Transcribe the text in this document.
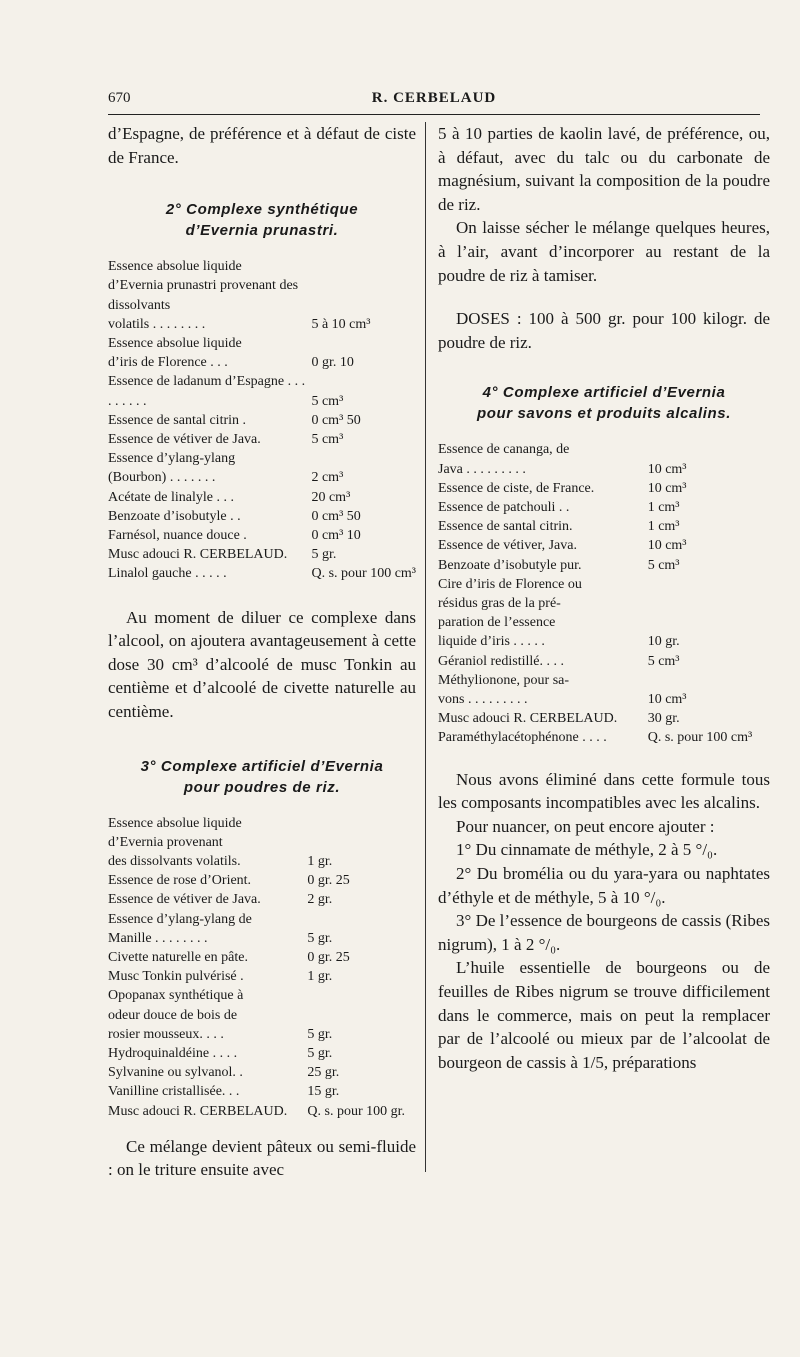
670	R. CERBELAUD

d’Espagne, de préférence et à défaut de ciste de France.

2° Complexe synthétique

d’Evernia prunastri.

Essence absolue liquide	
d’Evernia prunastri provenant des dissolvants	
volatils . . . . . . . .	5 à 10 cm³
Essence absolue liquide	
d’iris de Florence . . .	0 gr. 10
Essence de ladanum d’Espagne . . . . . . . . .	5 cm³
Essence de santal citrin .	0 cm³ 50
Essence de vétiver de Java.	5 cm³
Essence d’ylang-ylang	
(Bourbon) . . . . . . .	2 cm³
Acétate de linalyle . . .	20 cm³
Benzoate d’isobutyle . .	0 cm³ 50
Farnésol, nuance douce .	0 cm³ 10
Musc adouci R. CERBELAUD.	5 gr.
Linalol gauche . . . . .	Q. s. pour 100 cm³

Au moment de diluer ce complexe dans l’alcool, on ajoutera avantageusement à cette dose 30 cm³ d’alcoolé de musc Tonkin au centième et d’alcoolé de civette naturelle au centième.

3° Complexe artificiel d’Evernia

pour poudres de riz.

Essence absolue liquide	
d’Evernia provenant	
des dissolvants volatils.	1 gr.
Essence de rose d’Orient.	0 gr. 25
Essence de vétiver de Java.	2 gr.
Essence d’ylang-ylang de	
Manille . . . . . . . .	5 gr.
Civette naturelle en pâte.	0 gr. 25
Musc Tonkin pulvérisé .	1 gr.
Opopanax synthétique à	
odeur douce de bois de	
rosier mousseux. . . .	5 gr.
Hydroquinaldéine . . . .	5 gr.
Sylvanine ou sylvanol. .	25 gr.
Vanilline cristallisée. . .	15 gr.
Musc adouci R. CERBELAUD.	Q. s. pour 100 gr.

Ce mélange devient pâteux ou semi-fluide : on le triture ensuite avec

5 à 10 parties de kaolin lavé, de préférence, ou, à défaut, avec du talc ou du carbonate de magnésium, suivant la composition de la poudre de riz.

On laisse sécher le mélange quelques heures, à l’air, avant d’incorporer au restant de la poudre de riz à tamiser.

DOSES : 100 à 500 gr. pour 100 kilogr. de poudre de riz.

4° Complexe artificiel d’Evernia

pour savons et produits alcalins.

Essence de cananga, de	
Java . . . . . . . . .	10 cm³
Essence de ciste, de France.	10 cm³
Essence de patchouli . .	1 cm³
Essence de santal citrin.	1 cm³
Essence de vétiver, Java.	10 cm³
Benzoate d’isobutyle pur.	5 cm³
Cire d’iris de Florence ou	
résidus gras de la pré-	
paration de l’essence	
liquide d’iris . . . . .	10 gr.
Géraniol redistillé. . . .	5 cm³
Méthylionone, pour sa-	
vons . . . . . . . . .	10 cm³
Musc adouci R. CERBELAUD.	30 gr.
Paraméthylacétophénone . . . .	Q. s. pour 100 cm³

Nous avons éliminé dans cette formule tous les composants incompatibles avec les alcalins.

Pour nuancer, on peut encore ajouter :

1° Du cinnamate de méthyle, 2 à 5 °/₀.

2° Du bromélia ou du yara-yara ou naphtates d’éthyle et de méthyle, 5 à 10 °/₀.

3° De l’essence de bourgeons de cassis (Ribes nigrum), 1 à 2 °/₀.

L’huile essentielle de bourgeons ou de feuilles de Ribes nigrum se trouve difficilement dans le commerce, mais on peut la remplacer par de l’alcoolé ou mieux par de l’alcoolat de bourgeon de cassis à 1/5, préparations
